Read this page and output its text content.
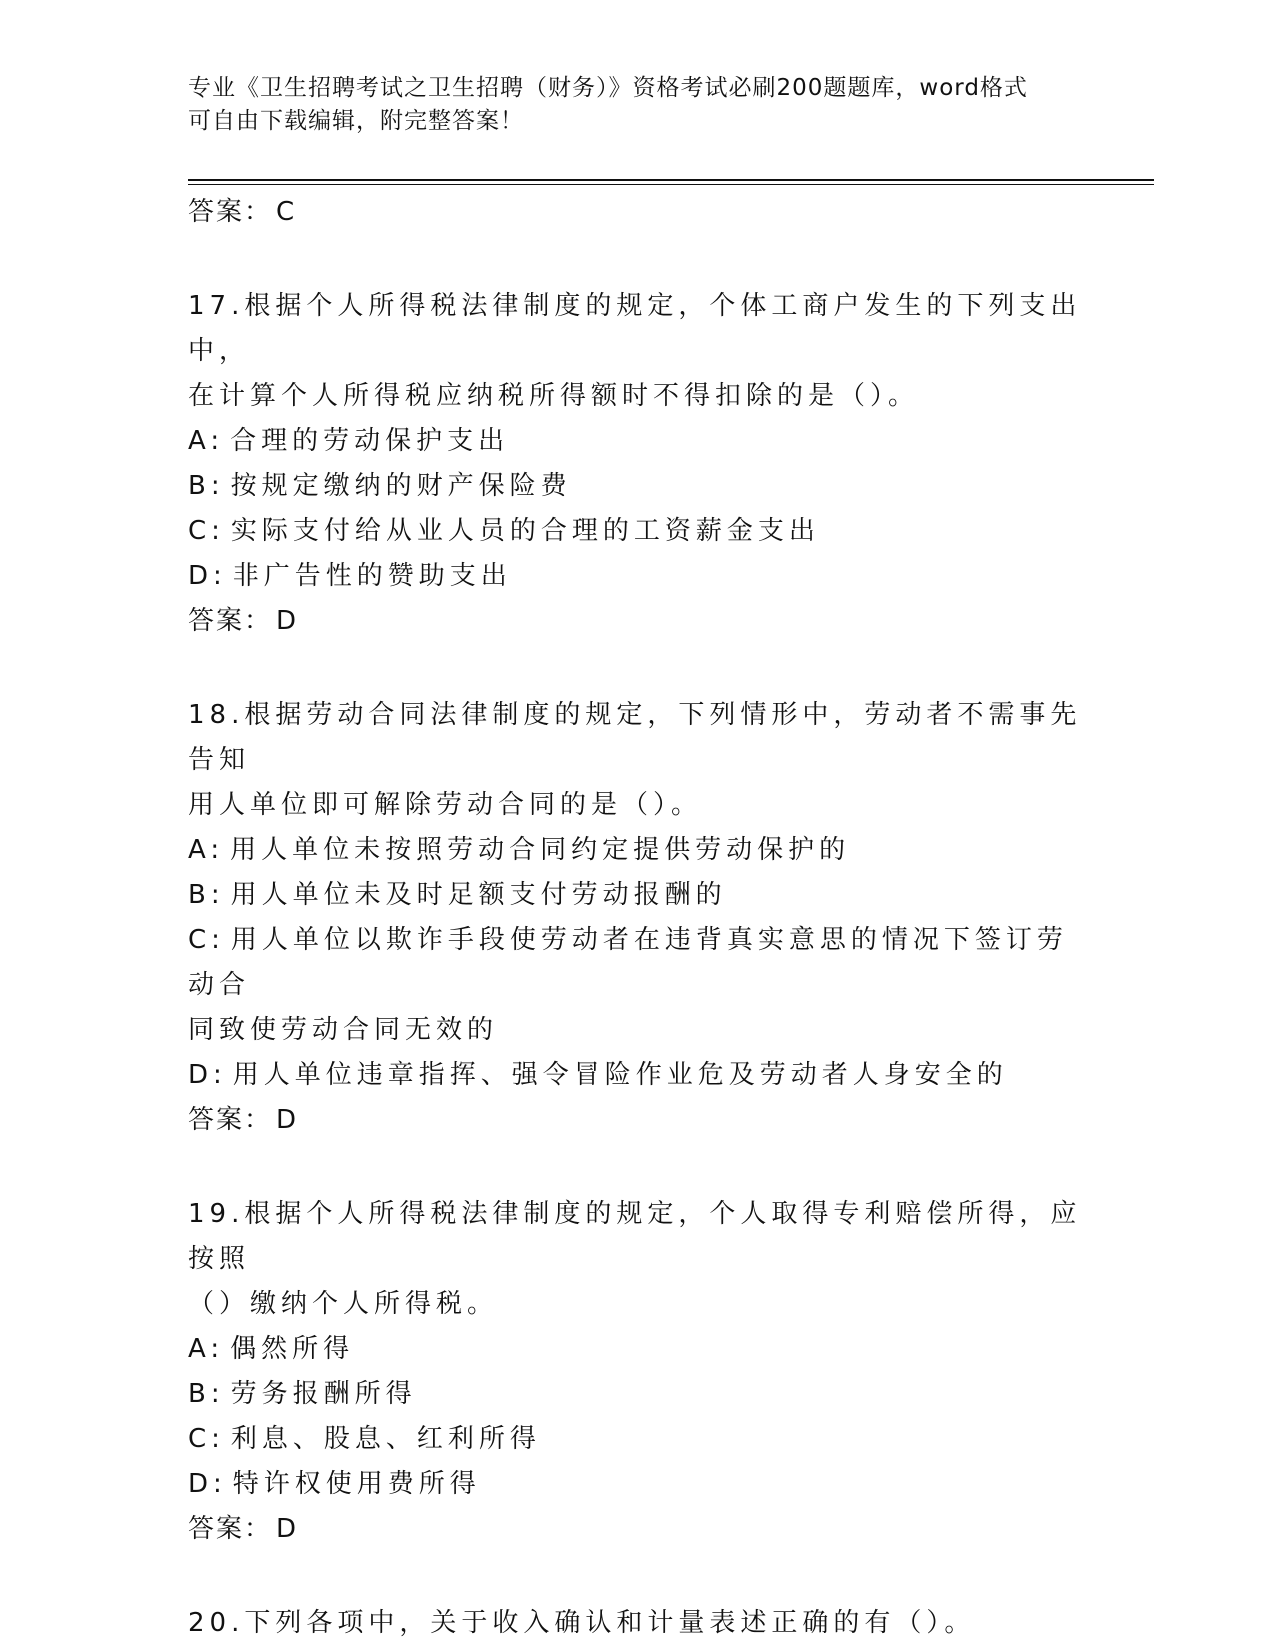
专业《卫生招聘考试之卫生招聘（财务）》资格考试必刷200题题库，word格式

可自由下载编辑，附完整答案！

答案： C

17.根据个人所得税法律制度的规定，个体工商户发生的下列支出中，

在计算个人所得税应纳税所得额时不得扣除的是（）。

A: 合理的劳动保护支出

B: 按规定缴纳的财产保险费

C: 实际支付给从业人员的合理的工资薪金支出

D: 非广告性的赞助支出

答案： D

18.根据劳动合同法律制度的规定，下列情形中，劳动者不需事先告知

用人单位即可解除劳动合同的是（）。

A: 用人单位未按照劳动合同约定提供劳动保护的

B: 用人单位未及时足额支付劳动报酬的

C: 用人单位以欺诈手段使劳动者在违背真实意思的情况下签订劳动合

同致使劳动合同无效的

D: 用人单位违章指挥、强令冒险作业危及劳动者人身安全的

答案： D

19.根据个人所得税法律制度的规定，个人取得专利赔偿所得，应按照

（）缴纳个人所得税。

A: 偶然所得

B: 劳务报酬所得

C: 利息、股息、红利所得

D: 特许权使用费所得

答案： D

20.下列各项中，关于收入确认和计量表述正确的有（）。
